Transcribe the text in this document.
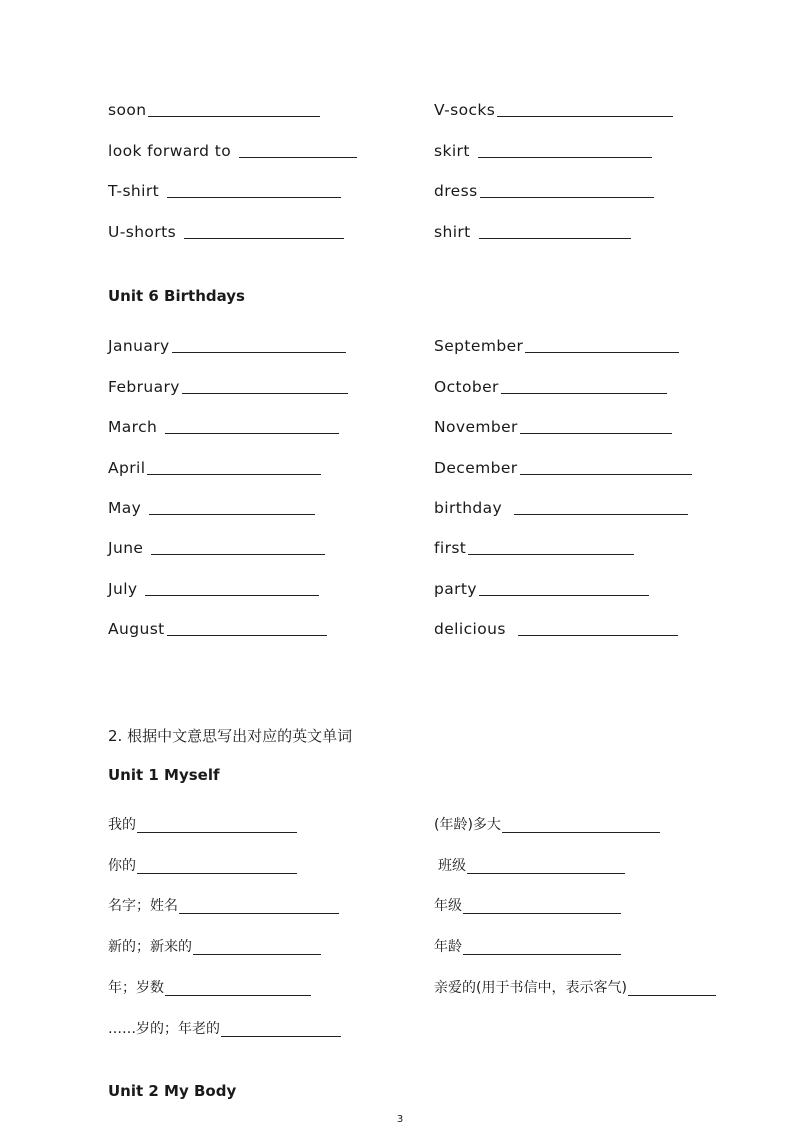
soon	V-socks
look forward to	skirt
T-shirt	dress
U-shorts	shirt
Unit 6 Birthdays
January	September
February	October
March	November
April	December
May	birthday
June	first
July	party
August	delicious
2. 根据中文意思写出对应的英文单词
Unit 1 Myself
我的	(年龄)多大
你的	班级
名字；姓名	年级
新的；新来的	年龄
年；岁数	亲爱的(用于书信中，表示客气)
……岁的；年老的
Unit 2 My Body
3
